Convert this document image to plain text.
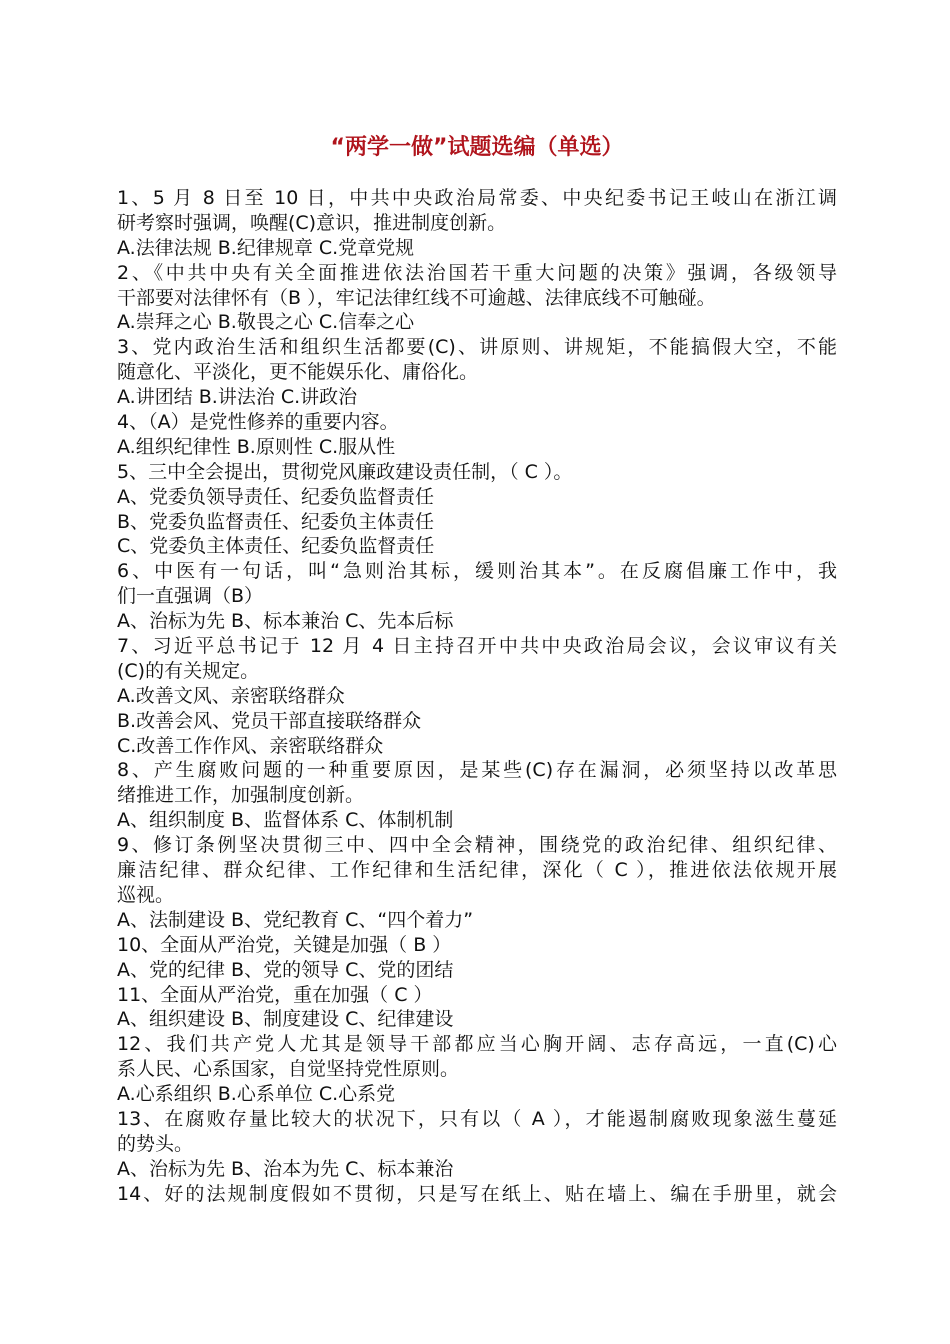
“两学一做”试题选编（单选）
1、5 月 8 日至 10 日，中共中央政治局常委、中央纪委书记王岐山在浙江调
研考察时强调，唤醒(C)意识，推进制度创新。
A.法律法规 B.纪律规章 C.党章党规
2、《中共中央有关全面推进依法治国若干重大问题的决策》强调，各级领导
干部要对法律怀有（B ），牢记法律红线不可逾越、法律底线不可触碰。
A.崇拜之心 B.敬畏之心 C.信奉之心
3、党内政治生活和组织生活都要(C)、讲原则、讲规矩，不能搞假大空，不能
随意化、平淡化，更不能娱乐化、庸俗化。
A.讲团结 B.讲法治 C.讲政治
4、（A）是党性修养的重要内容。
A.组织纪律性 B.原则性 C.服从性
5、三中全会提出，贯彻党风廉政建设责任制，（ C ）。
A、党委负领导责任、纪委负监督责任
B、党委负监督责任、纪委负主体责任
C、党委负主体责任、纪委负监督责任
6、中医有一句话，叫“急则治其标，缓则治其本”。在反腐倡廉工作中，我
们一直强调（B）
A、治标为先 B、标本兼治 C、先本后标
7、习近平总书记于 12 月 4 日主持召开中共中央政治局会议，会议审议有关
(C)的有关规定。
A.改善文风、亲密联络群众
B.改善会风、党员干部直接联络群众
C.改善工作作风、亲密联络群众
8、产生腐败问题的一种重要原因，是某些(C)存在漏洞，必须坚持以改革思
绪推进工作，加强制度创新。
A、组织制度 B、监督体系 C、体制机制
9、修订条例坚决贯彻三中、四中全会精神，围绕党的政治纪律、组织纪律、
廉洁纪律、群众纪律、工作纪律和生活纪律，深化（ C ），推进依法依规开展
巡视。
A、法制建设 B、党纪教育 C、“四个着力”
10、全面从严治党，关键是加强（ B ）
A、党的纪律 B、党的领导 C、党的团结
11、全面从严治党，重在加强（ C ）
A、组织建设 B、制度建设 C、纪律建设
12、我们共产党人尤其是领导干部都应当心胸开阔、志存高远，一直(C)心
系人民、心系国家，自觉坚持党性原则。
A.心系组织 B.心系单位 C.心系党
13、在腐败存量比较大的状况下，只有以（ A ），才能遏制腐败现象滋生蔓延
的势头。
A、治标为先 B、治本为先 C、标本兼治
14、好的法规制度假如不贯彻，只是写在纸上、贴在墙上、编在手册里，就会
